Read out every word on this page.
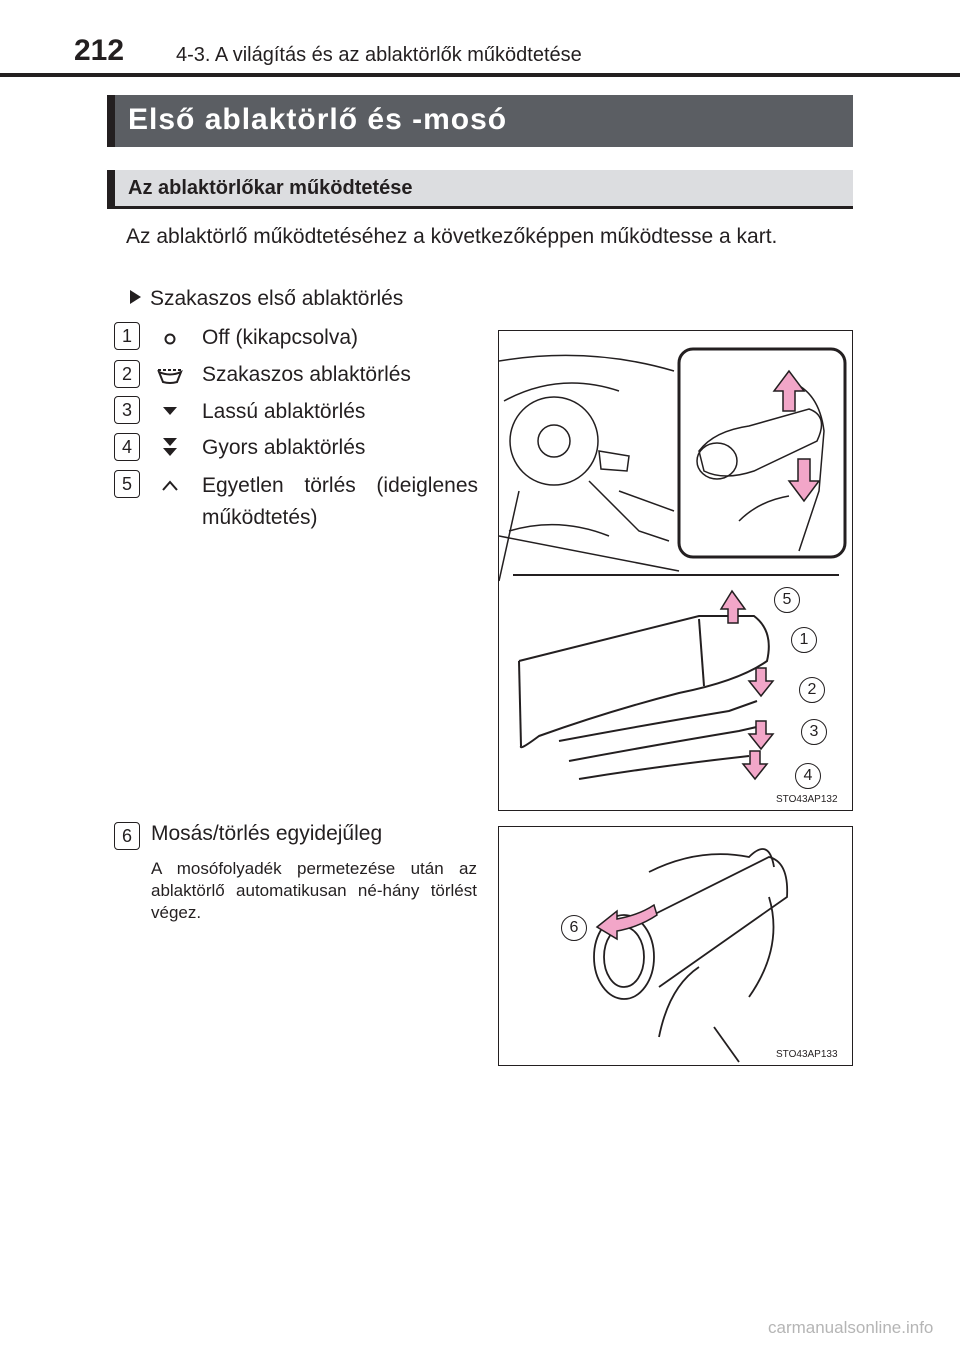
212	4-3. A világítás és az ablaktörlők működtetése
Első ablaktörlő és -mosó
Az ablaktörlőkar működtetése
Az ablaktörlő működtetéséhez a következőképpen működtesse a kart.
Szakaszos első ablaktörlés
1	Off (kikapcsolva)
2	Szakaszos ablaktörlés
3	Lassú ablaktörlés
4	Gyors ablaktörlés
5	Egyetlen törlés (ideiglenes működtetés)
5
1
2
3
4
STO43AP132
6 Mosás/törlés egyidejűleg
A mosófolyadék permetezése után az ablaktörlő automatikusan né-hány törlést végez.
6
STO43AP133
carmanualsonline.info
